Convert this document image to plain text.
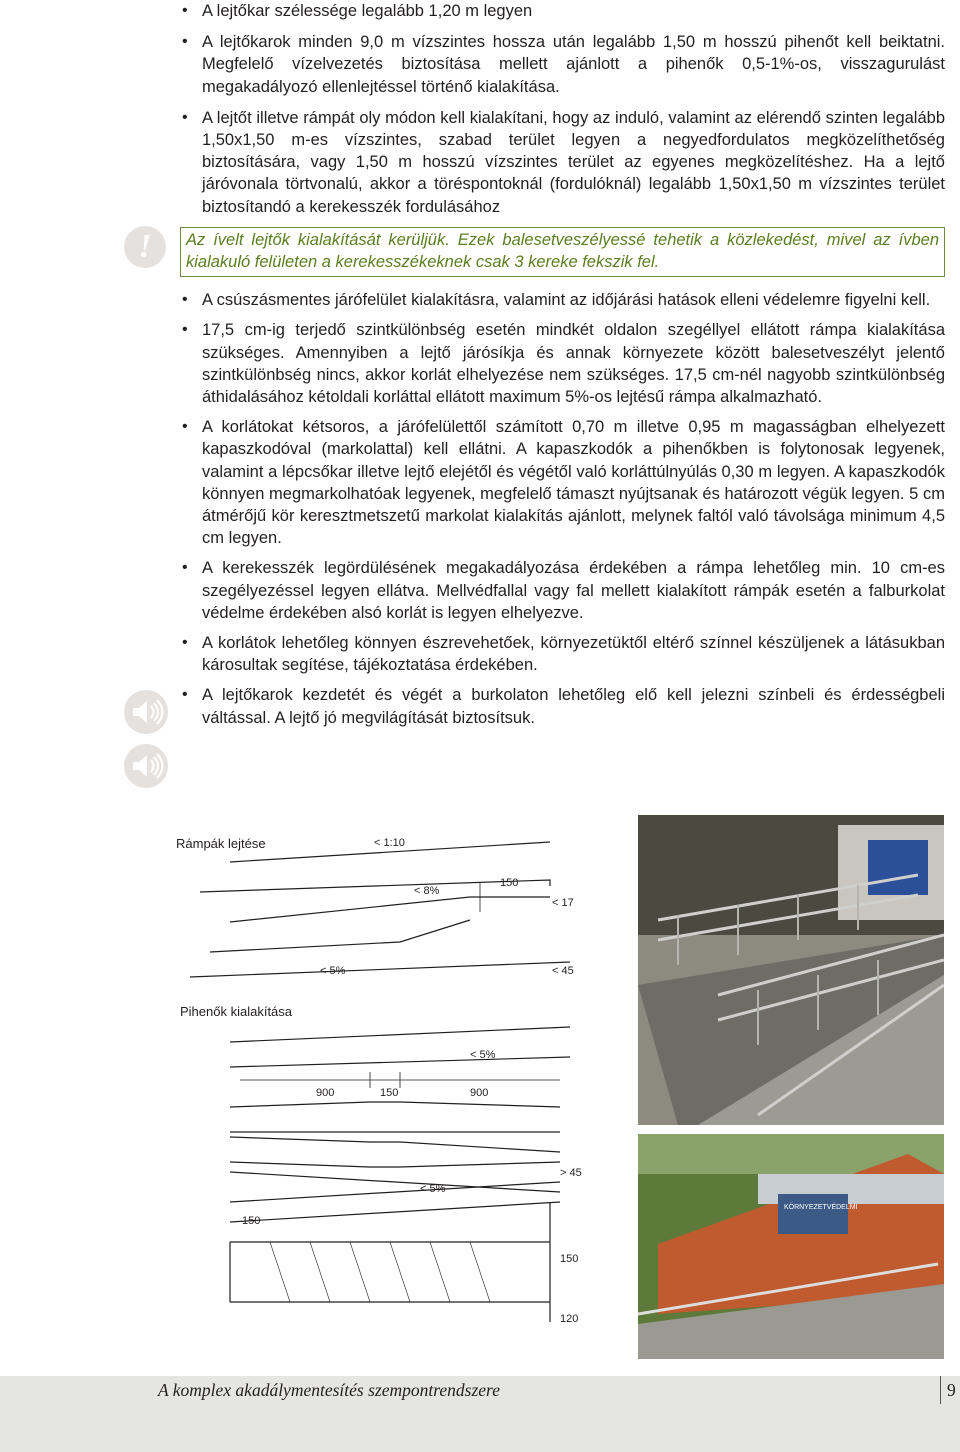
!
• A lejtőkar szélessége legalább 1,20 m legyen
• A lejtőkarok minden 9,0 m vízszintes hossza után legalább 1,50 m hosszú pihenőt kell beiktatni. Megfelelő vízelvezetés biztosítása mellett ajánlott a pihenők 0,5-1%-os, visszagurulást megakadályozó ellenlejtéssel történő kialakítása.
• A lejtőt illetve rámpát oly módon kell kialakítani, hogy az induló, valamint az elérendő szinten legalább 1,50x1,50 m-es vízszintes, szabad terület legyen a negyedfordulatos megközelíthetőség biztosítására, vagy 1,50 m hosszú vízszintes terület az egyenes megközelítéshez. Ha a lejtő járóvonala törtvonalú, akkor a töréspontoknál (fordulóknál) legalább 1,50x1,50 m vízszintes terület biztosítandó a kerekesszék fordulásához
Az ívelt lejtők kialakítását kerüljük. Ezek balesetveszélyessé tehetik a közlekedést, mivel az ívben kialakuló felületen a kerekesszékeknek csak 3 kereke fekszik fel.
• A csúszásmentes járófelület kialakításra, valamint az időjárási hatások elleni védelemre figyelni kell.
• 17,5 cm-ig terjedő szintkülönbség esetén mindkét oldalon szegéllyel ellátott rámpa kialakítása szükséges. Amennyiben a lejtő járósíkja és annak környezete között balesetveszélyt jelentő szintkülönbség nincs, akkor korlát elhelyezése nem szükséges. 17,5 cm-nél nagyobb szintkülönbség áthidalásához kétoldali korláttal ellátott maximum 5%-os lejtésű rámpa alkalmazható.
• A korlátokat kétsoros, a járófelülettől számított 0,70 m illetve 0,95 m magasságban elhelyezett kapaszkodóval (markolattal) kell ellátni. A kapaszkodók a pihenőkben is folytonosak legyenek, valamint a lépcsőkar illetve lejtő elejétől és végétől való korláttúlnyúlás 0,30 m legyen. A kapaszkodók könnyen megmarkolhatóak legyenek, megfelelő támaszt nyújtsanak és határozott végük legyen. 5 cm átmérőjű kör keresztmetszetű markolat kialakítás ajánlott, melynek faltól való távolsága minimum 4,5 cm legyen.
• A kerekesszék legördülésének megakadályozása érdekében a rámpa lehetőleg min. 10 cm-es szegélyezéssel legyen ellátva. Mellvédfallal vagy fal mellett kialakított rámpák esetén a falburkolat védelme érdekében alsó korlát is legyen elhelyezve.
• A korlátok lehetőleg könnyen észrevehetőek, környezetüktől eltérő színnel készüljenek a látásukban károsultak segítése, tájékoztatása érdekében.
• A lejtőkarok kezdetét és végét a burkolaton lehetőleg elő kell jelezni színbeli és érdességbeli váltással. A lejtő jó megvilágítását biztosítsuk.
Rámpák lejtése	< 1:10
< 8%
150
< 17
< 5%	< 45
Pihenők kialakítása
< 5%
900	150	900
> 45
< 5%
150
150
120
KÖRNYEZETVÉDELMI
A komplex akadálymentesítés szempontrendszere	9
